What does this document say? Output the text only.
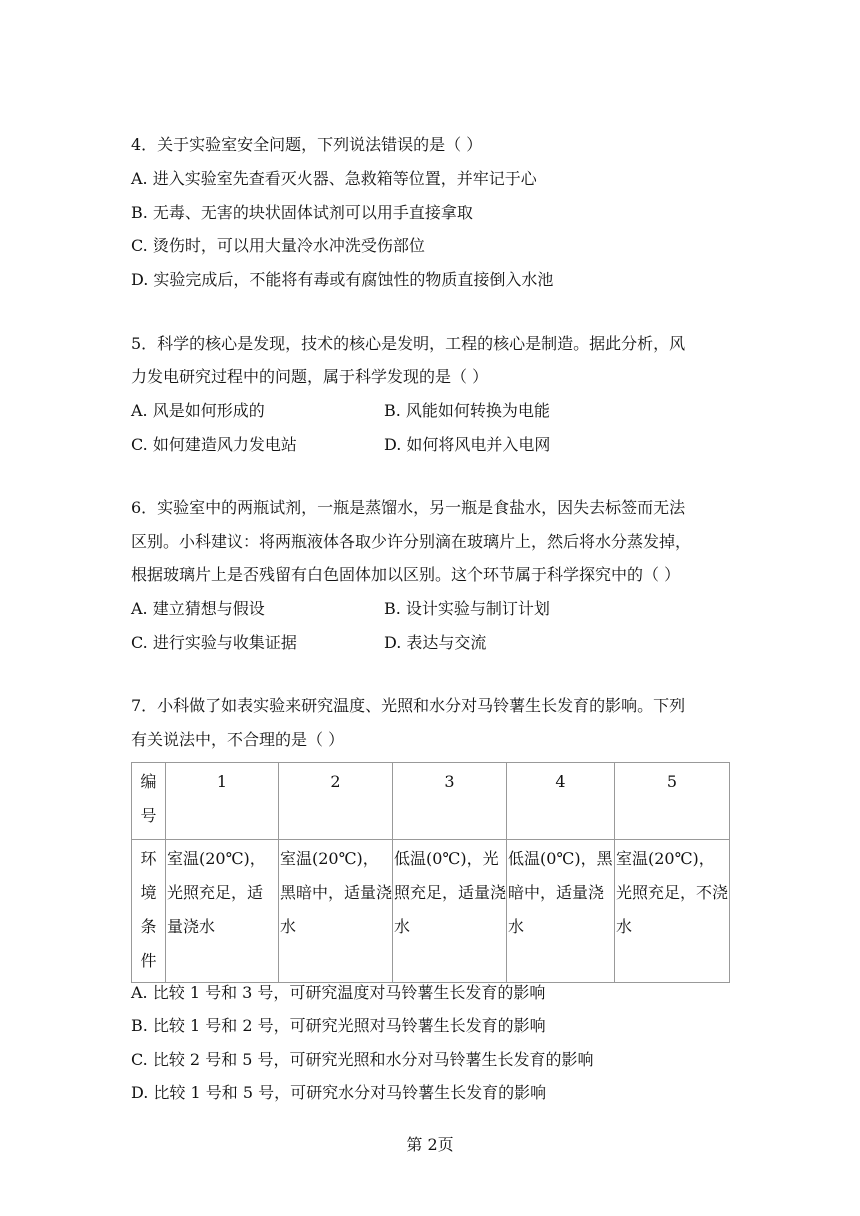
4．关于实验室安全问题，下列说法错误的是（ ）
A. 进入实验室先查看灭火器、急救箱等位置，并牢记于心
B. 无毒、无害的块状固体试剂可以用手直接拿取
C. 烫伤时，可以用大量冷水冲洗受伤部位
D. 实验完成后，不能将有毒或有腐蚀性的物质直接倒入水池
5．科学的核心是发现，技术的核心是发明，工程的核心是制造。据此分析，风
力发电研究过程中的问题，属于科学发现的是（ ）
A. 风是如何形成的	B. 风能如何转换为电能
C. 如何建造风力发电站	D. 如何将风电并入电网
6．实验室中的两瓶试剂，一瓶是蒸馏水，另一瓶是食盐水，因失去标签而无法
区别。小科建议：将两瓶液体各取少许分别滴在玻璃片上，然后将水分蒸发掉，
根据玻璃片上是否残留有白色固体加以区别。这个环节属于科学探究中的（ ）
A. 建立猜想与假设	B. 设计实验与制订计划
C. 进行实验与收集证据	D. 表达与交流
7．小科做了如表实验来研究温度、光照和水分对马铃薯生长发育的影响。下列
有关说法中，不合理的是（ ）
编号	1	2	3	4	5
环境条件	室温(20℃)，光照充足，适量浇水	室温(20℃)，黑暗中，适量浇水	低温(0℃)，光照充足，适量浇水	低温(0℃)，黑暗中，适量浇水	室温(20℃)，光照充足，不浇水
A. 比较 1 号和 3 号，可研究温度对马铃薯生长发育的影响
B. 比较 1 号和 2 号，可研究光照对马铃薯生长发育的影响
C. 比较 2 号和 5 号，可研究光照和水分对马铃薯生长发育的影响
D. 比较 1 号和 5 号，可研究水分对马铃薯生长发育的影响
第 2页
